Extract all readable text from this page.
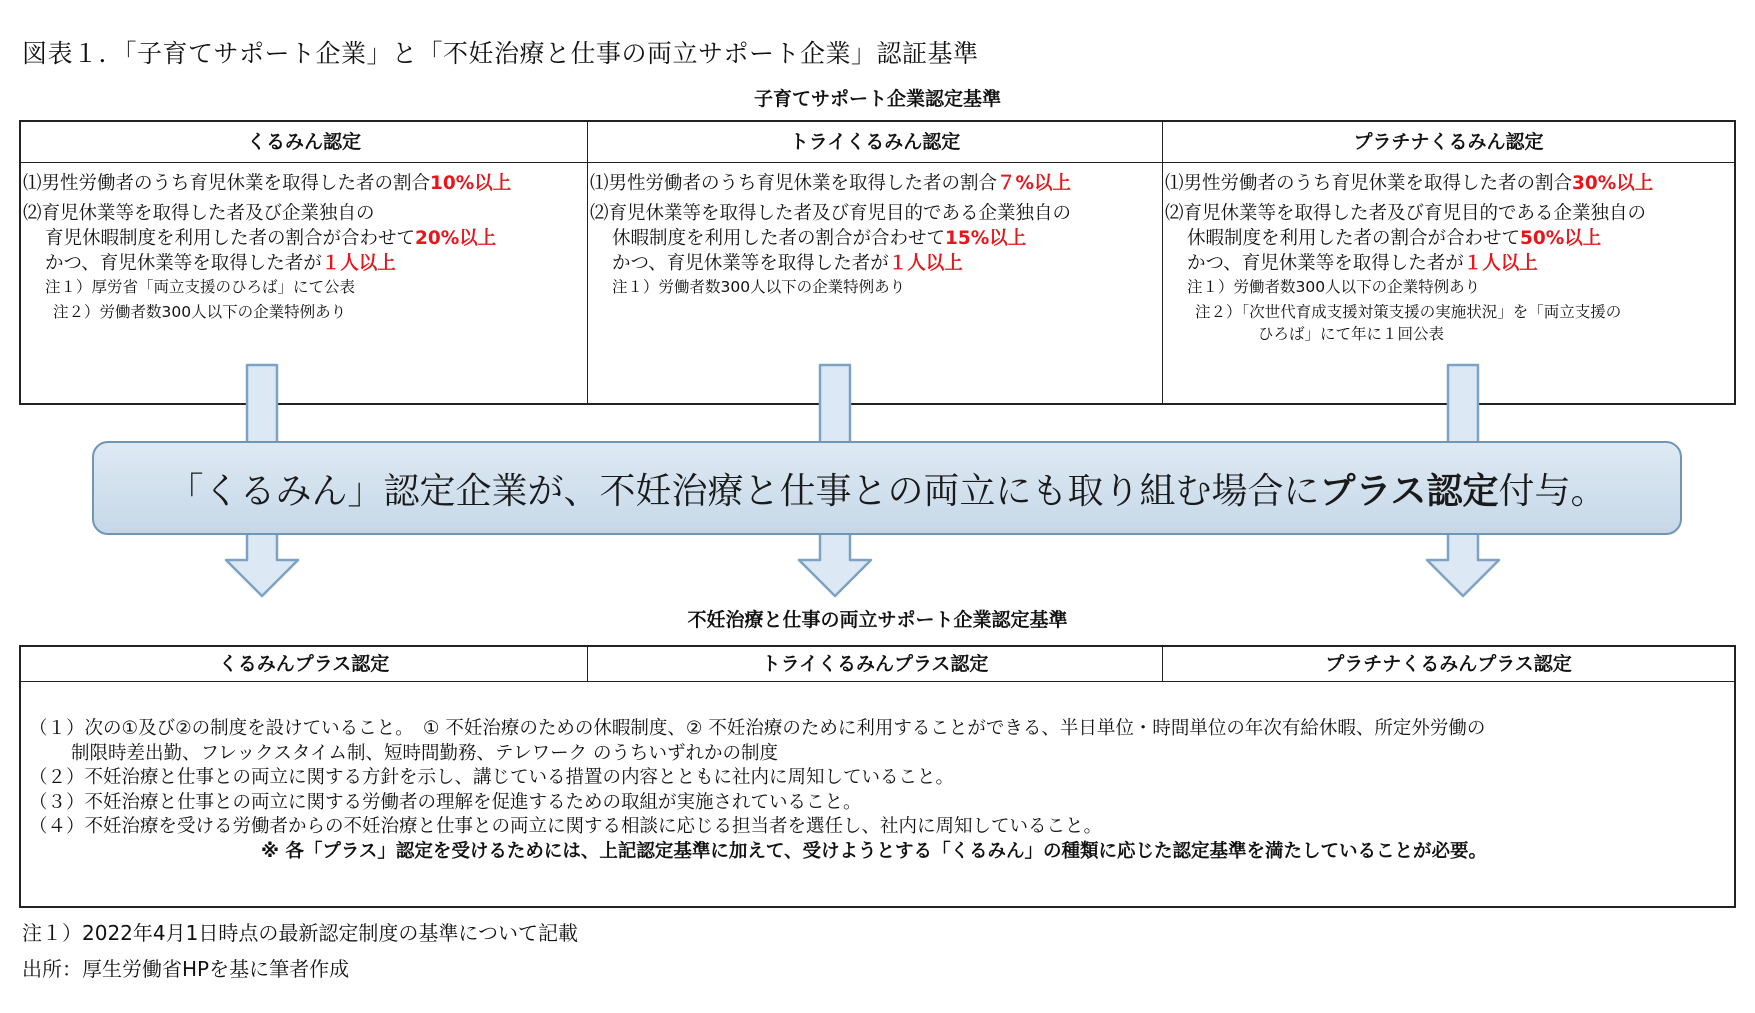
図表１．「子育てサポート企業」と「不妊治療と仕事の両立サポート企業」認証基準
子育てサポート企業認定基準
くるみん認定
⑴男性労働者のうち育児休業を取得した者の割合10%以上
⑵育児休業等を取得した者及び企業独自の
育児休暇制度を利用した者の割合が合わせて20%以上
かつ、育児休業等を取得した者が１人以上
注１）厚労省「両立支援のひろば」にて公表
注２）労働者数300人以下の企業特例あり
トライくるみん認定
⑴男性労働者のうち育児休業を取得した者の割合７%以上
⑵育児休業等を取得した者及び育児目的である企業独自の
休暇制度を利用した者の割合が合わせて15%以上
かつ、育児休業等を取得した者が１人以上
注１）労働者数300人以下の企業特例あり
プラチナくるみん認定
⑴男性労働者のうち育児休業を取得した者の割合30%以上
⑵育児休業等を取得した者及び育児目的である企業独自の
休暇制度を利用した者の割合が合わせて50%以上
かつ、育児休業等を取得した者が１人以上
注１）労働者数300人以下の企業特例あり
注２）「次世代育成支援対策支援の実施状況」を「両立支援の
ひろば」にて年に１回公表
「くるみん」認定企業が、不妊治療と仕事との両立にも取り組む場合に プラス認定 付与。
不妊治療と仕事の両立サポート企業認定基準
くるみんプラス認定	トライくるみんプラス認定	プラチナくるみんプラス認定
（１）次の①及び②の制度を設けていること。　① 不妊治療のための休暇制度、② 不妊治療のために利用することができる、半日単位・時間単位の年次有給休暇、所定外労働の
制限時差出勤、フレックスタイム制、短時間勤務、テレワーク のうちいずれかの制度
（２）不妊治療と仕事との両立に関する方針を示し、講じている措置の内容とともに社内に周知していること。
（３）不妊治療と仕事との両立に関する労働者の理解を促進するための取組が実施されていること。
（４）不妊治療を受ける労働者からの不妊治療と仕事との両立に関する相談に応じる担当者を選任し、社内に周知していること。
※ 各「プラス」認定を受けるためには、上記認定基準に加えて、受けようとする「くるみん」の種類に応じた認定基準を満たしていることが必要。
注１）2022年4月1日時点の最新認定制度の基準について記載
出所：厚生労働省HPを基に筆者作成
